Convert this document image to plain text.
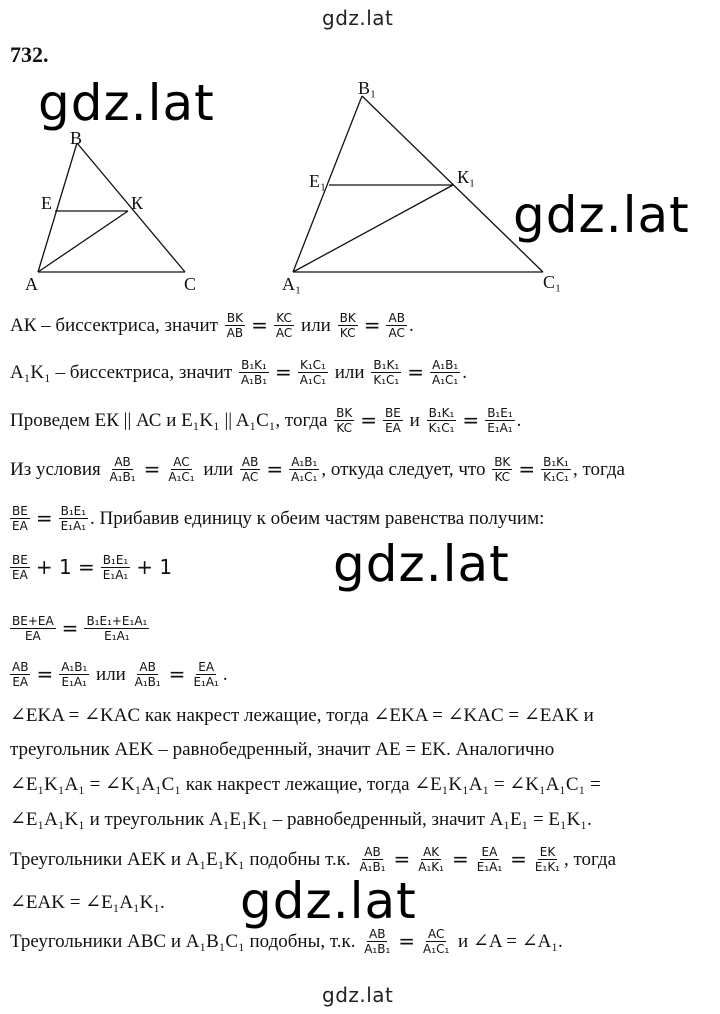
gdz.lat
gdz.lat
gdz.lat
gdz.lat
gdz.lat
gdz.lat
732.
B
E	К
A	C
B₁
E₁	К₁
A₁	C₁
АК – биссектриса, значит $\frac{BK}{AB} = \frac{KC}{AC}$ или $\frac{BK}{KC} = \frac{AB}{AC}$ .
A₁K₁ – биссектриса, значит $\frac{\text{B₁K₁}}{\text{A₁B₁}} = \frac{\text{K₁C₁}}{\text{A₁C₁}}$ или $\frac{\text{B₁K₁}}{\text{K₁C₁}} = \frac{\text{A₁B₁}}{\text{A₁C₁}}$ .
Проведем ЕК || АС и E₁K₁ || A₁C₁, тогда $\frac{BK}{KC} = \frac{BE}{EA}$ и $\frac{\text{B₁K₁}}{\text{K₁C₁}} = \frac{\text{B₁E₁}}{\text{E₁A₁}}$ .
Из условия $\frac{AB}{\text{A₁B₁}} = \frac{AC}{\text{A₁C₁}}$ или $\frac{AB}{AC} = \frac{\text{A₁B₁}}{\text{A₁C₁}}$ , откуда следует, что $\frac{BK}{KC} = \frac{\text{B₁K₁}}{\text{K₁C₁}}$ , тогда
$\frac{BE}{EA} = \frac{\text{B₁E₁}}{\text{E₁A₁}}$ . Прибавив единицу к обеим частям равенства получим:
$\frac{BE}{EA} + 1 = \frac{\text{B₁E₁}}{\text{E₁A₁}} + 1$
$\frac{BE+EA}{EA} = \frac{\text{B₁E₁+E₁A₁}}{\text{E₁A₁}}$
$\frac{AB}{EA} = \frac{\text{A₁B₁}}{\text{E₁A₁}}$ или $\frac{AB}{\text{A₁B₁}} = \frac{EA}{\text{E₁A₁}}$ .
∠EKA = ∠KAC как накрест лежащие, тогда ∠EKA = ∠KAC = ∠EAK и
треугольник AEK – равнобедренный, значит AE = EK. Аналогично
∠E₁K₁A₁ = ∠K₁A₁C₁ как накрест лежащие, тогда ∠E₁K₁A₁ = ∠K₁A₁C₁ =
∠E₁A₁K₁ и треугольник A₁E₁K₁ – равнобедренный, значит A₁E₁ = E₁K₁.
Треугольники AEK и A₁E₁K₁ подобны т.к. $\frac{AB}{\text{A₁B₁}} = \frac{AK}{\text{A₁K₁}} = \frac{EA}{\text{E₁A₁}} = \frac{EK}{\text{E₁K₁}}$ , тогда
∠EAK = ∠E₁A₁K₁.
Треугольники ABC и A₁B₁C₁ подобны, т.к. $\frac{AB}{\text{A₁B₁}} = \frac{AC}{\text{A₁C₁}}$ и ∠A = ∠A₁.
